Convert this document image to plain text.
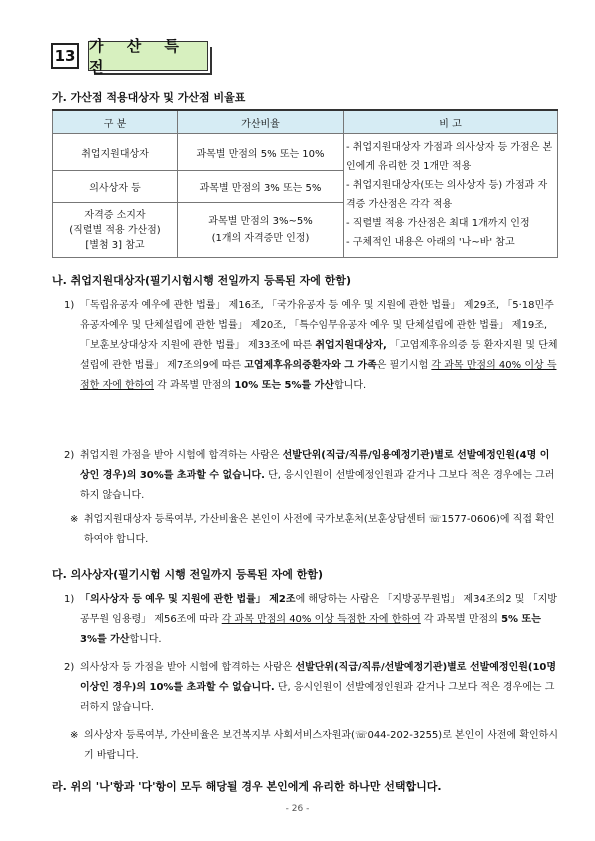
13
가 산 특 전
가. 가산점 적용대상자 및 가산점 비율표
구 분	가산비율	비 고
취업지원대상자	과목별 만점의 5% 또는 10%	- 취업지원대상자 가점과 의사상자 등 가점은 본인에게 유리한 것 1개만 적용
- 취업지원대상자(또는 의사상자 등) 가점과 자격증 가산점은 각각 적용
- 직렬별 적용 가산점은 최대 1개까지 인정
- 구체적인 내용은 아래의 '나~바' 참고

의사상자 등	과목별 만점의 3% 또는 5%	

자격증 소지자
(직렬별 적용 가산점)
[별첨 3] 참고	과목별 만점의 3%~5%
(1개의 자격증만 인정)	
나. 취업지원대상자(필기시험시행 전일까지 등록된 자에 한함)
1) 「독립유공자 예우에 관한 법률」 제16조, 「국가유공자 등 예우 및 지원에 관한 법률」 제29조, 「5·18민주유공자예우 및 단체설립에 관한 법률」 제20조, 「특수임무유공자 예우 및 단체설립에 관한 법률」 제19조, 「보훈보상대상자 지원에 관한 법률」 제33조에 따른 취업지원대상자, 「고엽제후유의증 등 환자지원 및 단체설립에 관한 법률」 제7조의9에 따른 고엽제후유의증환자와 그 가족은 필기시험 각 과목 만점의 40% 이상 득점한 자에 한하여 각 과목별 만점의 10% 또는 5%를 가산합니다.
2) 취업지원 가점을 받아 시험에 합격하는 사람은 선발단위(직급/직류/임용예정기관)별로 선발예정인원(4명 이상인 경우)의 30%를 초과할 수 없습니다. 단, 응시인원이 선발예정인원과 같거나 그보다 적은 경우에는 그러하지 않습니다.
※ 취업지원대상자 등록여부, 가산비율은 본인이 사전에 국가보훈처(보훈상담센터 ☏1577-0606)에 직접 확인하여야 합니다.
다. 의사상자(필기시험 시행 전일까지 등록된 자에 한함)
1) 「의사상자 등 예우 및 지원에 관한 법률」 제2조에 해당하는 사람은 「지방공무원법」 제34조의2 및 「지방공무원 임용령」 제56조에 따라 각 과목 만점의 40% 이상 득점한 자에 한하여 각 과목별 만점의 5% 또는 3%를 가산합니다.
2) 의사상자 등 가점을 받아 시험에 합격하는 사람은 선발단위(직급/직류/선발예정기관)별로 선발예정인원(10명 이상인 경우)의 10%를 초과할 수 없습니다. 단, 응시인원이 선발예정인원과 같거나 그보다 적은 경우에는 그러하지 않습니다.
※ 의사상자 등록여부, 가산비율은 보건복지부 사회서비스자원과(☏044-202-3255)로 본인이 사전에 확인하시기 바랍니다.
라. 위의 '나'항과 '다'항이 모두 해당될 경우 본인에게 유리한 하나만 선택합니다.
- 26 -
